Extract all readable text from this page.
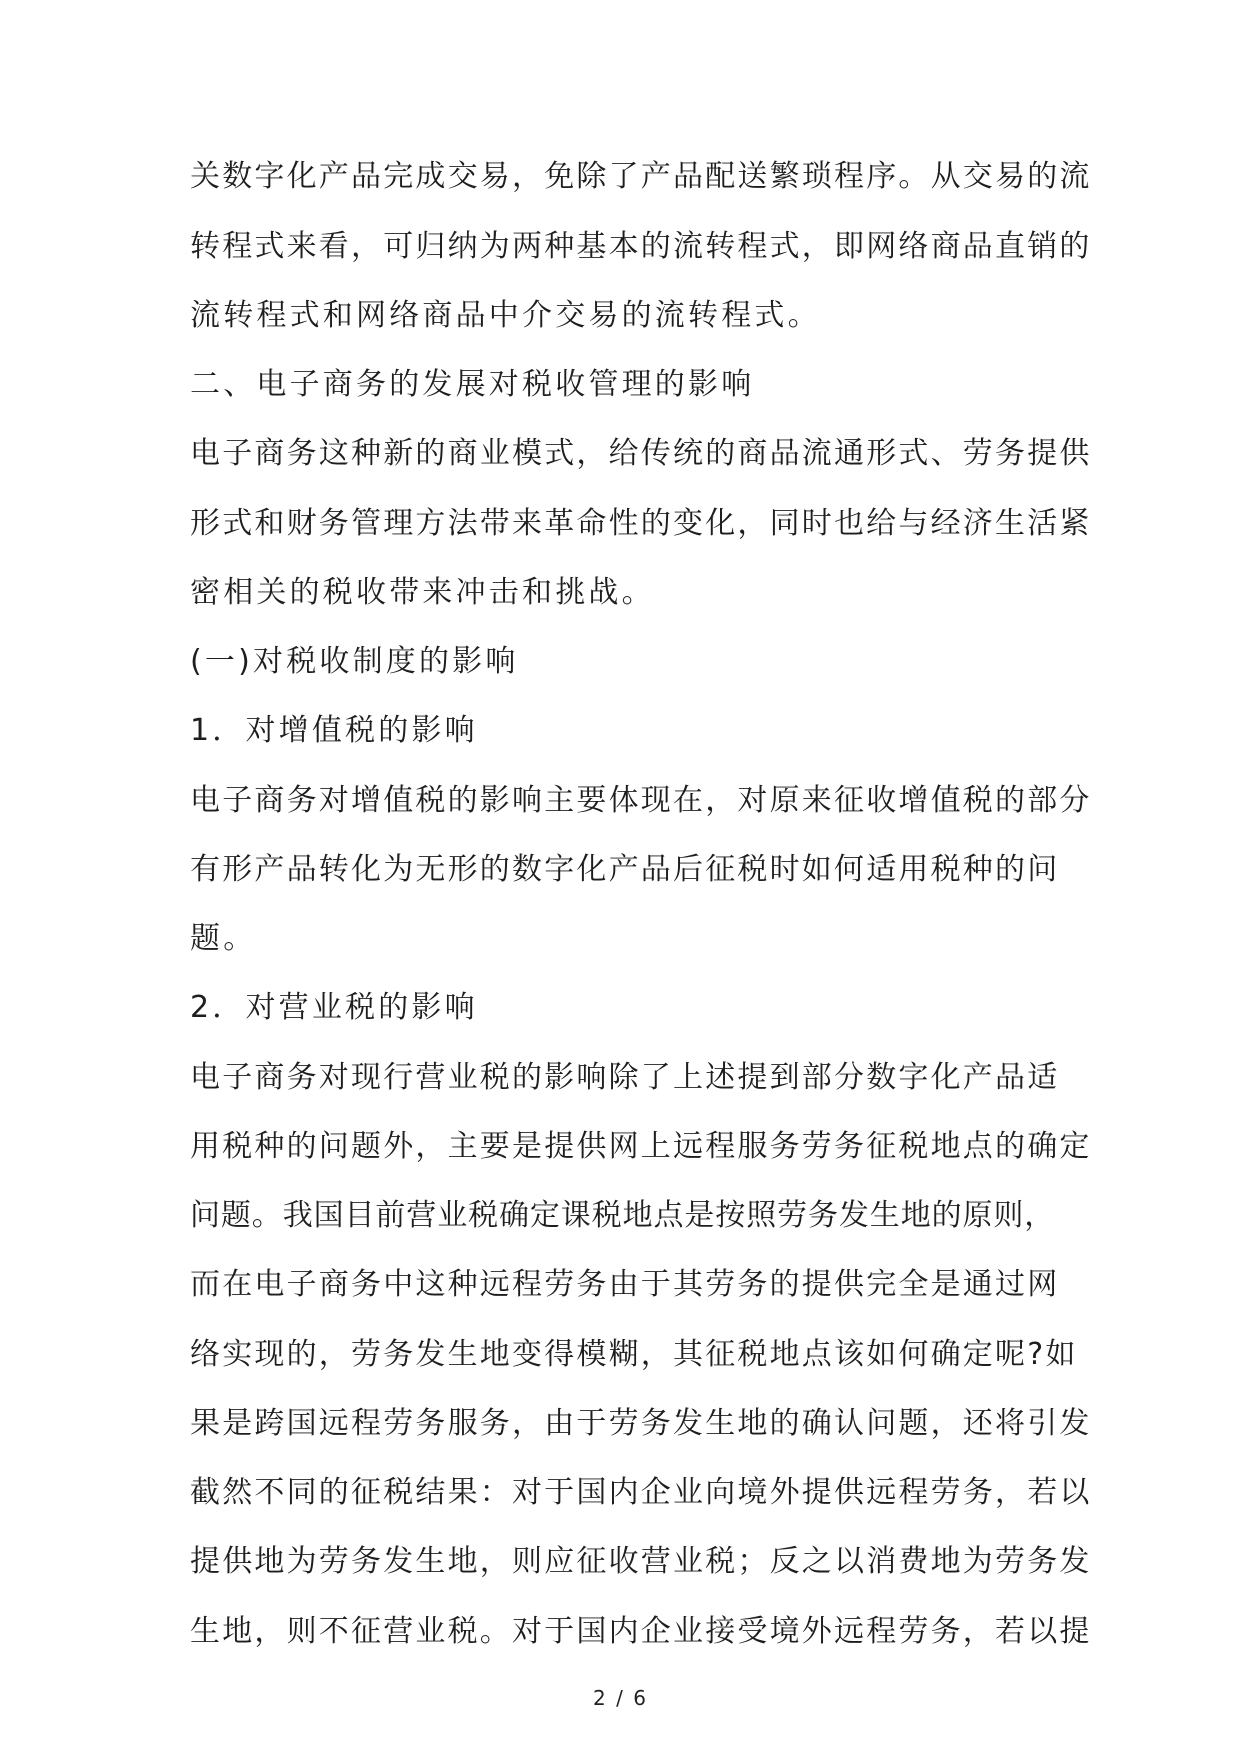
关数字化产品完成交易，免除了产品配送繁琐程序。从交易的流
转程式来看，可归纳为两种基本的流转程式，即网络商品直销的
流转程式和网络商品中介交易的流转程式。
二、电子商务的发展对税收管理的影响
电子商务这种新的商业模式，给传统的商品流通形式、劳务提供
形式和财务管理方法带来革命性的变化，同时也给与经济生活紧
密相关的税收带来冲击和挑战。
(一)对税收制度的影响
1．对增值税的影响
电子商务对增值税的影响主要体现在，对原来征收增值税的部分
有形产品转化为无形的数字化产品后征税时如何适用税种的问
题。
2．对营业税的影响
电子商务对现行营业税的影响除了上述提到部分数字化产品适
用税种的问题外，主要是提供网上远程服务劳务征税地点的确定
问题。我国目前营业税确定课税地点是按照劳务发生地的原则，
而在电子商务中这种远程劳务由于其劳务的提供完全是通过网
络实现的，劳务发生地变得模糊，其征税地点该如何确定呢?如
果是跨国远程劳务服务，由于劳务发生地的确认问题，还将引发
截然不同的征税结果：对于国内企业向境外提供远程劳务，若以
提供地为劳务发生地，则应征收营业税；反之以消费地为劳务发
生地，则不征营业税。对于国内企业接受境外远程劳务，若以提
2 / 6
